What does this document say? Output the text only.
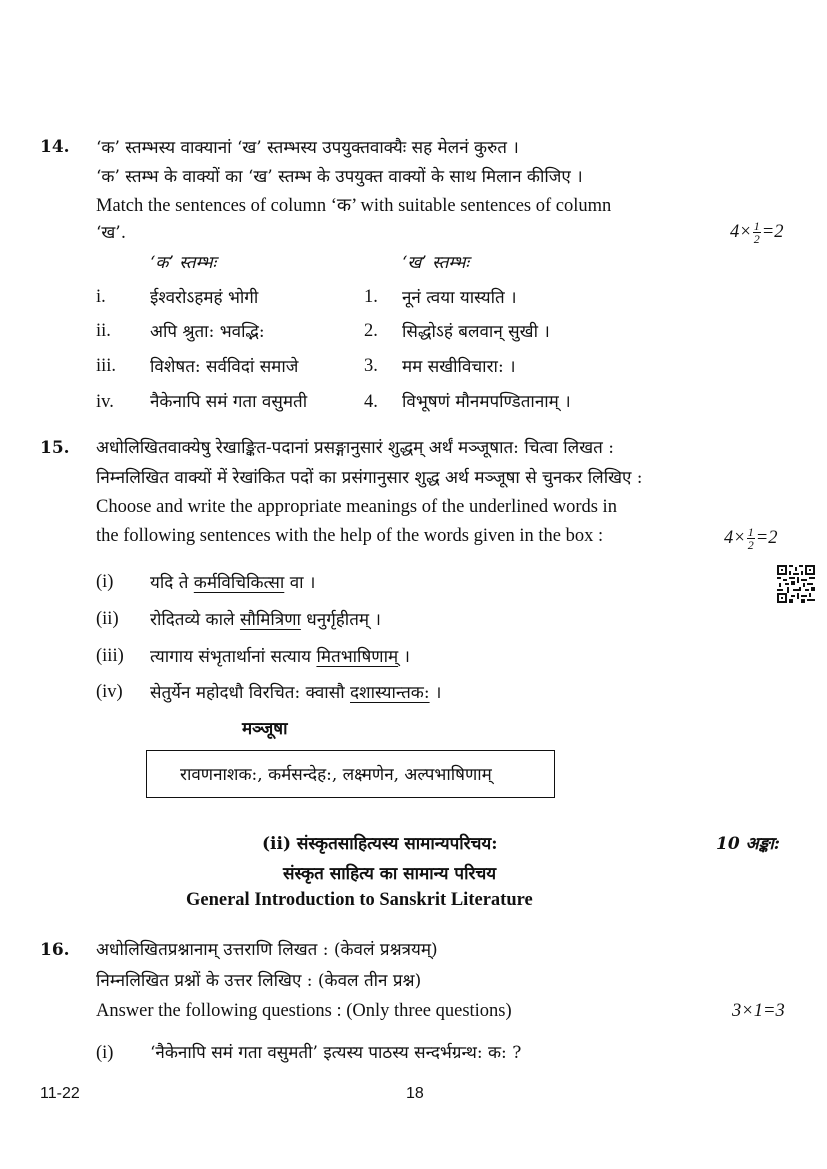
14. ‘क’ स्तम्भस्य वाक्यानां ‘ख’ स्तम्भस्य उपयुक्तवाक्यैः सह मेलनं कुरुत ।
‘क’ स्तम्भ के वाक्यों का ‘ख’ स्तम्भ के उपयुक्त वाक्यों के साथ मिलान कीजिए ।
Match the sentences of column ‘क’ with suitable sentences of column
‘ख’.	$4\times \frac{1}{2} =2$
‘क’ स्तम्भः	‘ख’ स्तम्भः
i.	ईश्वरोऽहमहं भोगी	1. नूनं त्वया यास्यति ।
ii. अपि श्रुता: भवद्भि:	2. सिद्धोऽहं बलवान् सुखी ।
iii. विशेषत: सर्वविदां समाजे	3. मम सखीविचारा: ।
iv. नैकेनापि समं गता वसुमती	4. विभूषणं मौनमपण्डितानाम् ।
15. अधोलिखितवाक्येषु रेखाङ्कित-पदानां प्रसङ्गानुसारं शुद्धम् अर्थं मञ्जूषात: चित्वा लिखत :
निम्नलिखित वाक्यों में रेखांकित पदों का प्रसंगानुसार शुद्ध अर्थ मञ्जूषा से चुनकर लिखिए :
Choose and write the appropriate meanings of the underlined words in
the following sentences with the help of the words given in the box :	$4\times \frac{1}{2} =2$
(i) यदि ते कर्मविचिकित्सा वा ।
(ii) रोदितव्ये काले सौमित्रिणा धनुर्गृहीतम् ।
(iii) त्यागाय संभृतार्थानां सत्याय मितभाषिणाम् ।
(iv) सेतुर्येन महोदधौ विरचित: क्वासौ दशास्यान्तक: ।
मञ्जूषा
रावणनाशक:, कर्मसन्देह:, लक्ष्मणेन, अल्पभाषिणाम्
(ii) संस्कृतसाहित्यस्य सामान्यपरिचय:	10 अङ्का:
संस्कृत साहित्य का सामान्य परिचय
General Introduction to Sanskrit Literature
16. अधोलिखितप्रश्नानाम् उत्तराणि लिखत : (केवलं प्रश्नत्रयम्)
निम्नलिखित प्रश्नों के उत्तर लिखिए : (केवल तीन प्रश्न)
Answer the following questions : (Only three questions)	3×1=3
(i) ‘नैकेनापि समं गता वसुमती’ इत्यस्य पाठस्य सन्दर्भग्रन्थ: क: ?
11-22	18
